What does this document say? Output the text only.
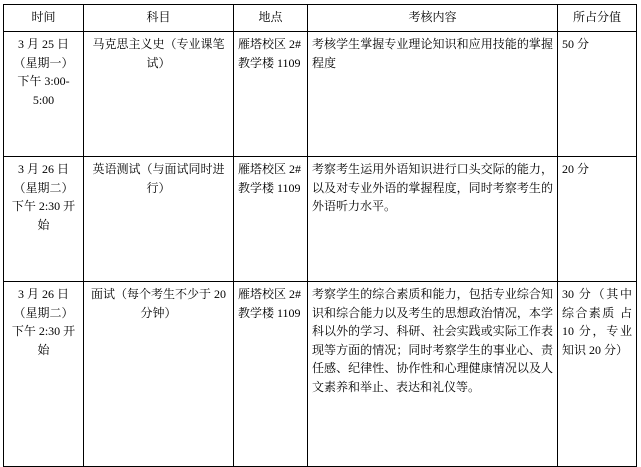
时间	科目	地点	考核内容	所占分值
3 月 25 日（星期一）下午 3:00-5:00	马克思主义史（专业课笔试）	雁塔校区 2#教学楼 1109	考核学生掌握专业理论知识和应用技能的掌握程度	50 分
3 月 26 日（星期二）下午 2:30 开始	英语测试（与面试同时进行）	雁塔校区 2#教学楼 1109	考察考生运用外语知识进行口头交际的能力，以及对专业外语的掌握程度，同时考察考生的外语听力水平。	20 分
3 月 26 日（星期二）下午 2:30 开始	面试（每个考生不少于 20 分钟）	雁塔校区 2#教学楼 1109	考察学生的综合素质和能力，包括专业综合知识和综合能力以及考生的思想政治情况，本学科以外的学习、科研、社会实践或实际工作表现等方面的情况；同时考察学生的事业心、责任感、纪律性、协作性和心理健康情况以及人文素养和举止、表达和礼仪等。	30 分（其中综合素质 占 10 分，专业知识 20 分）
